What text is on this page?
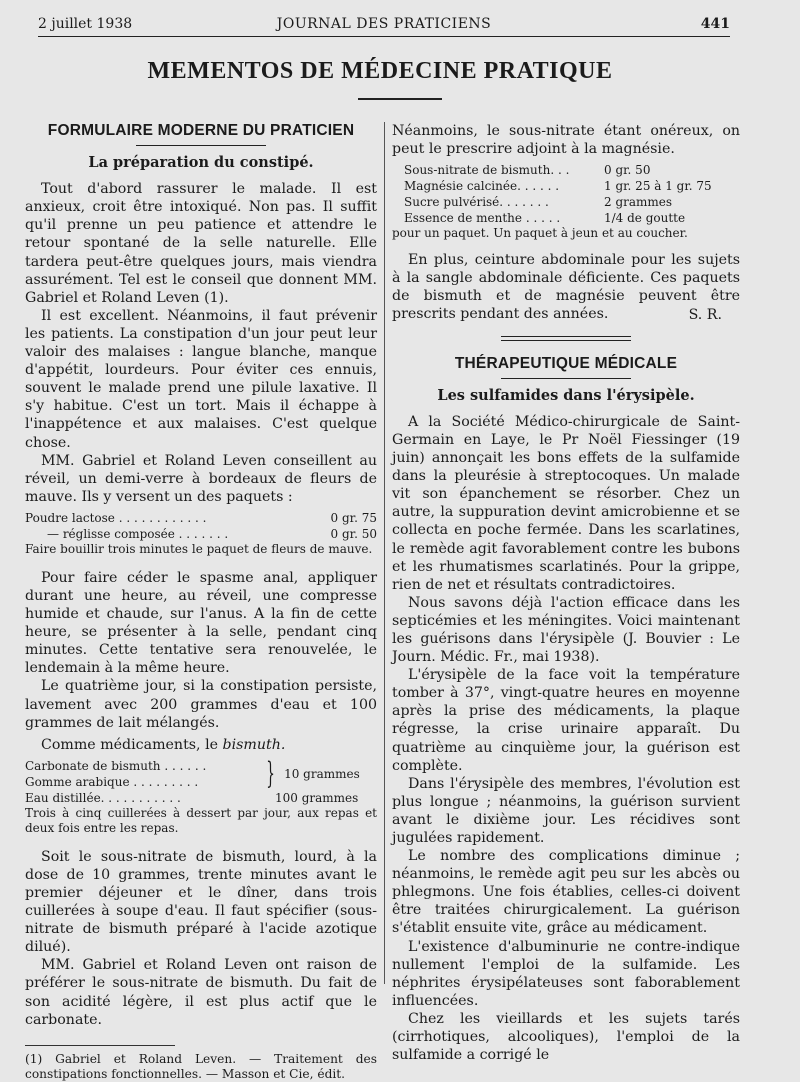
2 juillet 1938	JOURNAL DES PRATICIENS	441
MEMENTOS DE MÉDECINE PRATIQUE
FORMULAIRE MODERNE DU PRATICIEN
La préparation du constipé.

Tout d'abord rassurer le malade. Il est anxieux, croit être intoxiqué. Non pas. Il suffit qu'il prenne un peu patience et attendre le retour spontané de la selle naturelle. Elle tardera peut-être quelques jours, mais viendra assurément. Tel est le conseil que donnent MM. Gabriel et Roland Leven (1).

Il est excellent. Néanmoins, il faut prévenir les patients. La constipation d'un jour peut leur valoir des malaises : langue blanche, manque d'appétit, lourdeurs. Pour éviter ces ennuis, souvent le malade prend une pilule laxative. Il s'y habitue. C'est un tort. Mais il échappe à l'inappétence et aux malaises. C'est quelque chose.

MM. Gabriel et Roland Leven conseillent au réveil, un demi-verre à bordeaux de fleurs de mauve. Ils y versent un des paquets :

Poudre lactose . . . . . . . . . . . .	0 gr. 75
— réglisse composée . . . . . . .	0 gr. 50
Faire bouillir trois minutes le paquet de fleurs de mauve.

Pour faire céder le spasme anal, appliquer durant une heure, au réveil, une compresse humide et chaude, sur l'anus. A la fin de cette heure, se présenter à la selle, pendant cinq minutes. Cette tentative sera renouvelée, le lendemain à la même heure.

Le quatrième jour, si la constipation persiste, lavement avec 200 grammes d'eau et 100 grammes de lait mélangés.

Comme médicaments, le bismuth.

Carbonate de bismuth . . . . . .
Gomme arabique . . . . . . . . .	} 10 grammes
Eau distillée. . . . . . . . . . .	100 grammes
Trois à cinq cuillerées à dessert par jour, aux repas et deux fois entre les repas.

Soit le sous-nitrate de bismuth, lourd, à la dose de 10 grammes, trente minutes avant le premier déjeuner et le dîner, dans trois cuillerées à soupe d'eau. Il faut spécifier (sous-nitrate de bismuth préparé à l'acide azotique dilué).

MM. Gabriel et Roland Leven ont raison de préférer le sous-nitrate de bismuth. Du fait de son acidité légère, il est plus actif que le carbonate.

(1) Gabriel et Roland Leven. — Traitement des constipations fonctionnelles. — Masson et Cie, édit.

Néanmoins, le sous-nitrate étant onéreux, on peut le prescrire adjoint à la magnésie.

Sous-nitrate de bismuth. . .	0 gr. 50
Magnésie calcinée. . . . . .	1 gr. 25 à 1 gr. 75
Sucre pulvérisé. . . . . . .	2 grammes
Essence de menthe . . . . .	1/4 de goutte
pour un paquet. Un paquet à jeun et au coucher.

En plus, ceinture abdominale pour les sujets à la sangle abdominale déficiente. Ces paquets de bismuth et de magnésie peuvent être prescrits pendant des années.	S. R.
THÉRAPEUTIQUE MÉDICALE
Les sulfamides dans l'érysipèle.

A la Société Médico-chirurgicale de Saint-Germain en Laye, le Pr Noël Fiessinger (19 juin) annonçait les bons effets de la sulfamide dans la pleurésie à streptocoques. Un malade vit son épanchement se résorber. Chez un autre, la suppuration devint amicrobienne et se collecta en poche fermée. Dans les scarlatines, le remède agit favorablement contre les bubons et les rhumatismes scarlatinés. Pour la grippe, rien de net et résultats contradictoires.

Nous savons déjà l'action efficace dans les septicémies et les méningites. Voici maintenant les guérisons dans l'érysipèle (J. Bouvier : Le Journ. Médic. Fr., mai 1938).

L'érysipèle de la face voit la température tomber à 37°, vingt-quatre heures en moyenne après la prise des médicaments, la plaque régresse, la crise urinaire apparaît. Du quatrième au cinquième jour, la guérison est complète.

Dans l'érysipèle des membres, l'évolution est plus longue ; néanmoins, la guérison survient avant le dixième jour. Les récidives sont jugulées rapidement.

Le nombre des complications diminue ; néanmoins, le remède agit peu sur les abcès ou phlegmons. Une fois établies, celles-ci doivent être traitées chirurgicalement. La guérison s'établit ensuite vite, grâce au médicament.

L'existence d'albuminurie ne contre-indique nullement l'emploi de la sulfamide. Les néphrites érysipélateuses sont faborablement influencées.

Chez les vieillards et les sujets tarés (cirrhotiques, alcooliques), l'emploi de la sulfamide a corrigé le
